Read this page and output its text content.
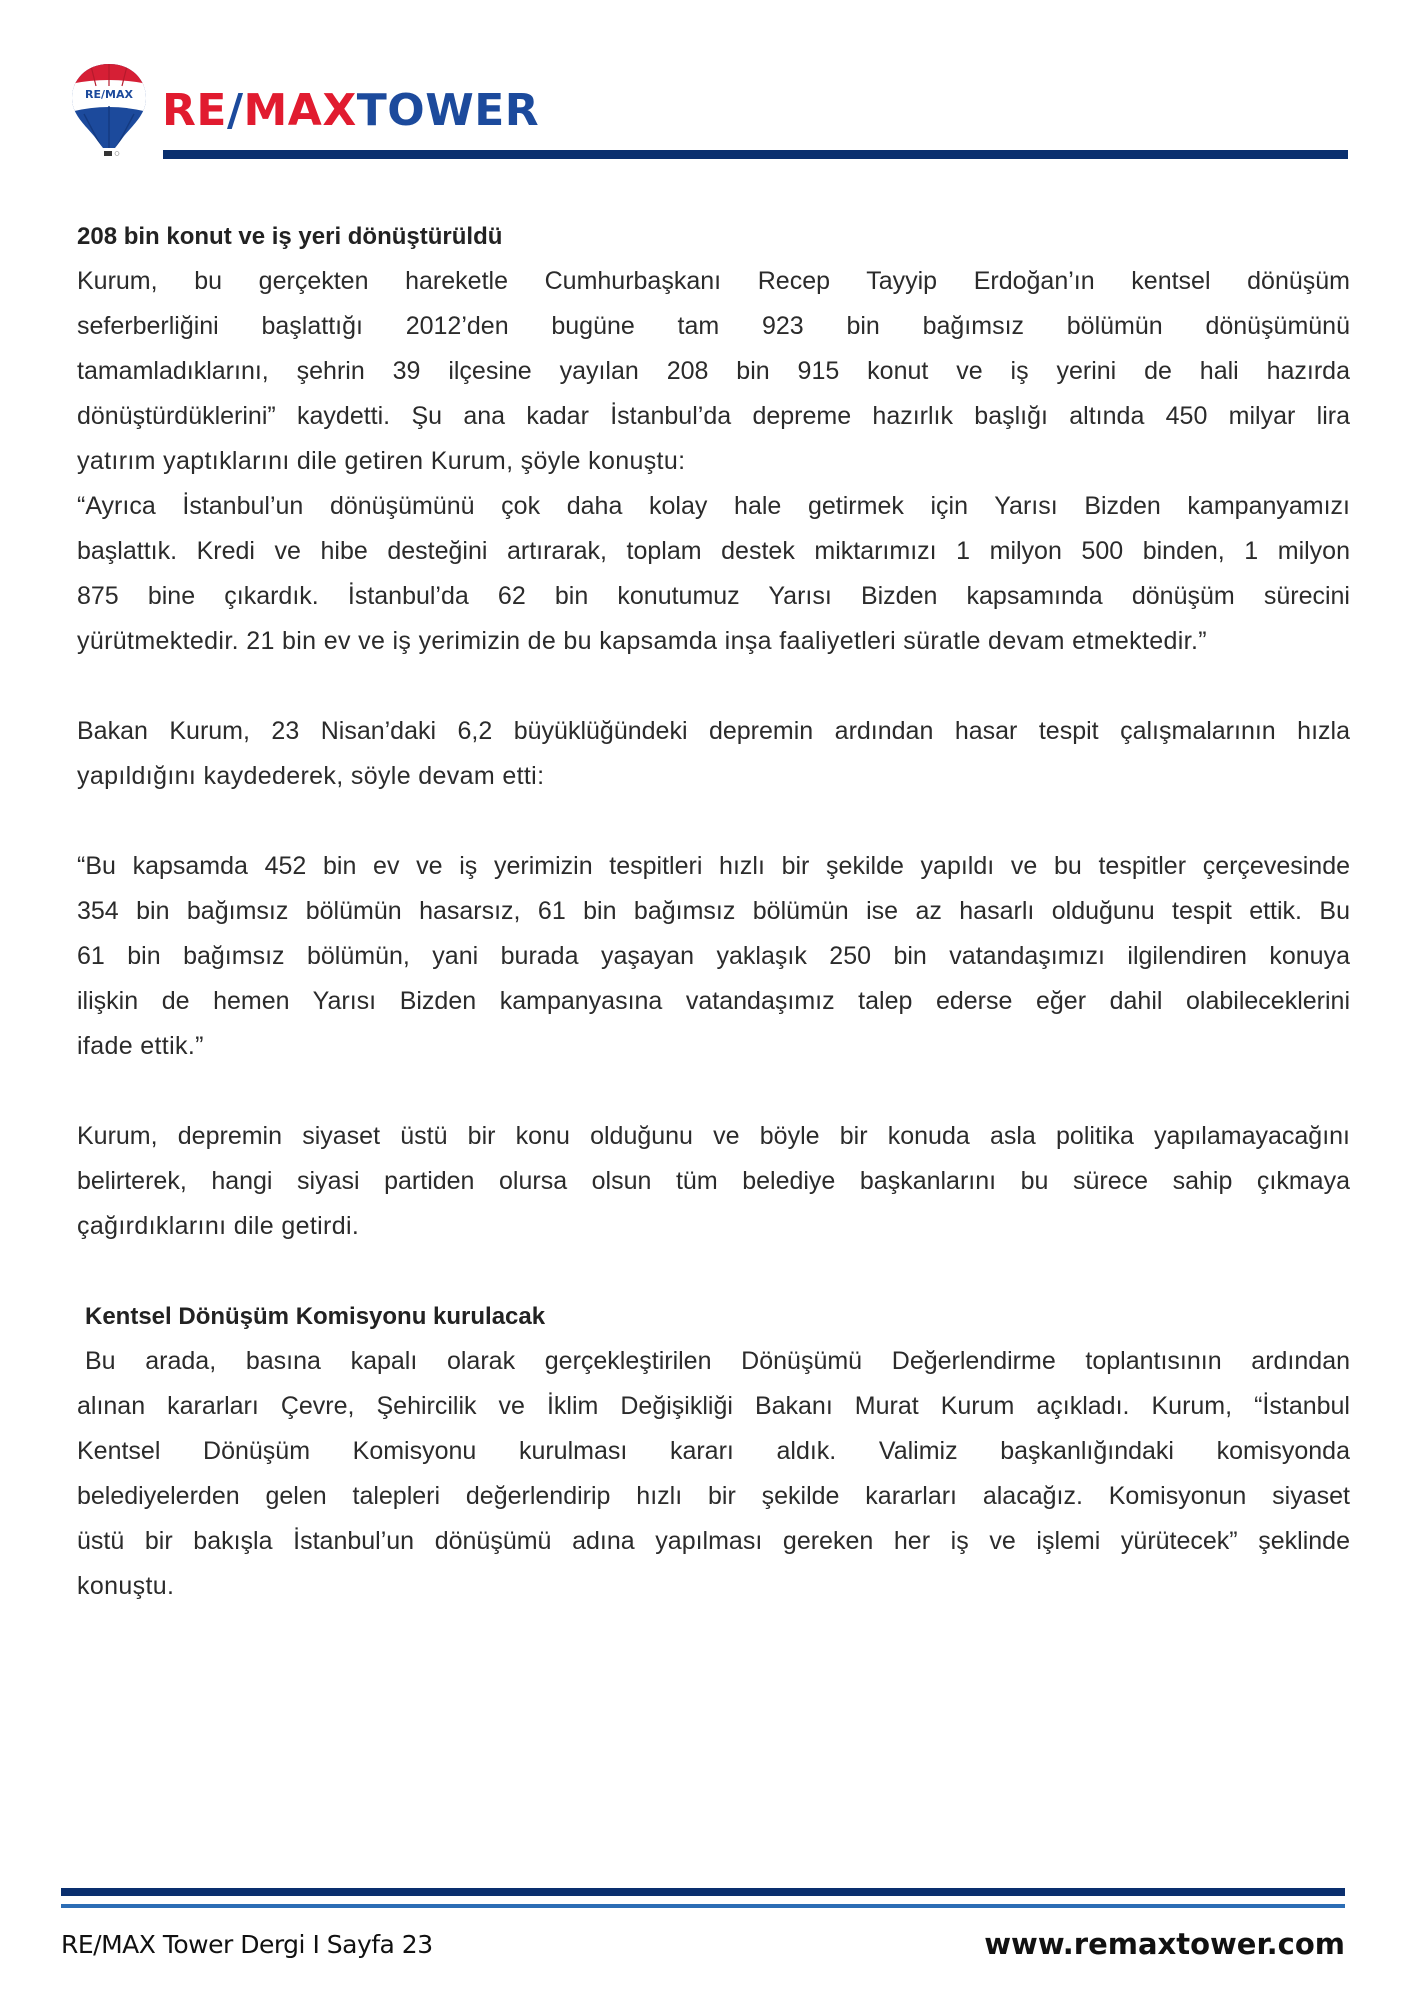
RE/MAX RE/MAXTOWER
208 bin konut ve iş yeri dönüştürüldü
Kurum, bu gerçekten hareketle Cumhurbaşkanı Recep Tayyip Erdoğan’ın kentsel dönüşüm
seferberliğini başlattığı 2012’den bugüne tam 923 bin bağımsız bölümün dönüşümünü
tamamladıklarını, şehrin 39 ilçesine yayılan 208 bin 915 konut ve iş yerini de hali hazırda
dönüştürdüklerini” kaydetti. Şu ana kadar İstanbul’da depreme hazırlık başlığı altında 450 milyar lira
yatırım yaptıklarını dile getiren Kurum, şöyle konuştu:
“Ayrıca İstanbul’un dönüşümünü çok daha kolay hale getirmek için Yarısı Bizden kampanyamızı
başlattık. Kredi ve hibe desteğini artırarak, toplam destek miktarımızı 1 milyon 500 binden, 1 milyon
875 bine çıkardık. İstanbul’da 62 bin konutumuz Yarısı Bizden kapsamında dönüşüm sürecini
yürütmektedir. 21 bin ev ve iş yerimizin de bu kapsamda inşa faaliyetleri süratle devam etmektedir.”
Bakan Kurum, 23 Nisan’daki 6,2 büyüklüğündeki depremin ardından hasar tespit çalışmalarının hızla
yapıldığını kaydederek, söyle devam etti:
“Bu kapsamda 452 bin ev ve iş yerimizin tespitleri hızlı bir şekilde yapıldı ve bu tespitler çerçevesinde
354 bin bağımsız bölümün hasarsız, 61 bin bağımsız bölümün ise az hasarlı olduğunu tespit ettik. Bu
61 bin bağımsız bölümün, yani burada yaşayan yaklaşık 250 bin vatandaşımızı ilgilendiren konuya
ilişkin de hemen Yarısı Bizden kampanyasına vatandaşımız talep ederse eğer dahil olabileceklerini
ifade ettik.”
Kurum, depremin siyaset üstü bir konu olduğunu ve böyle bir konuda asla politika yapılamayacağını
belirterek, hangi siyasi partiden olursa olsun tüm belediye başkanlarını bu sürece sahip çıkmaya
çağırdıklarını dile getirdi.
Kentsel Dönüşüm Komisyonu kurulacak
Bu arada, basına kapalı olarak gerçekleştirilen Dönüşümü Değerlendirme toplantısının ardından
alınan kararları Çevre, Şehircilik ve İklim Değişikliği Bakanı Murat Kurum açıkladı. Kurum, “İstanbul
Kentsel Dönüşüm Komisyonu kurulması kararı aldık. Valimiz başkanlığındaki komisyonda
belediyelerden gelen talepleri değerlendirip hızlı bir şekilde kararları alacağız. Komisyonun siyaset
üstü bir bakışla İstanbul’un dönüşümü adına yapılması gereken her iş ve işlemi yürütecek” şeklinde
konuştu.
RE/MAX Tower Dergi I Sayfa 23	www.remaxtower.com
